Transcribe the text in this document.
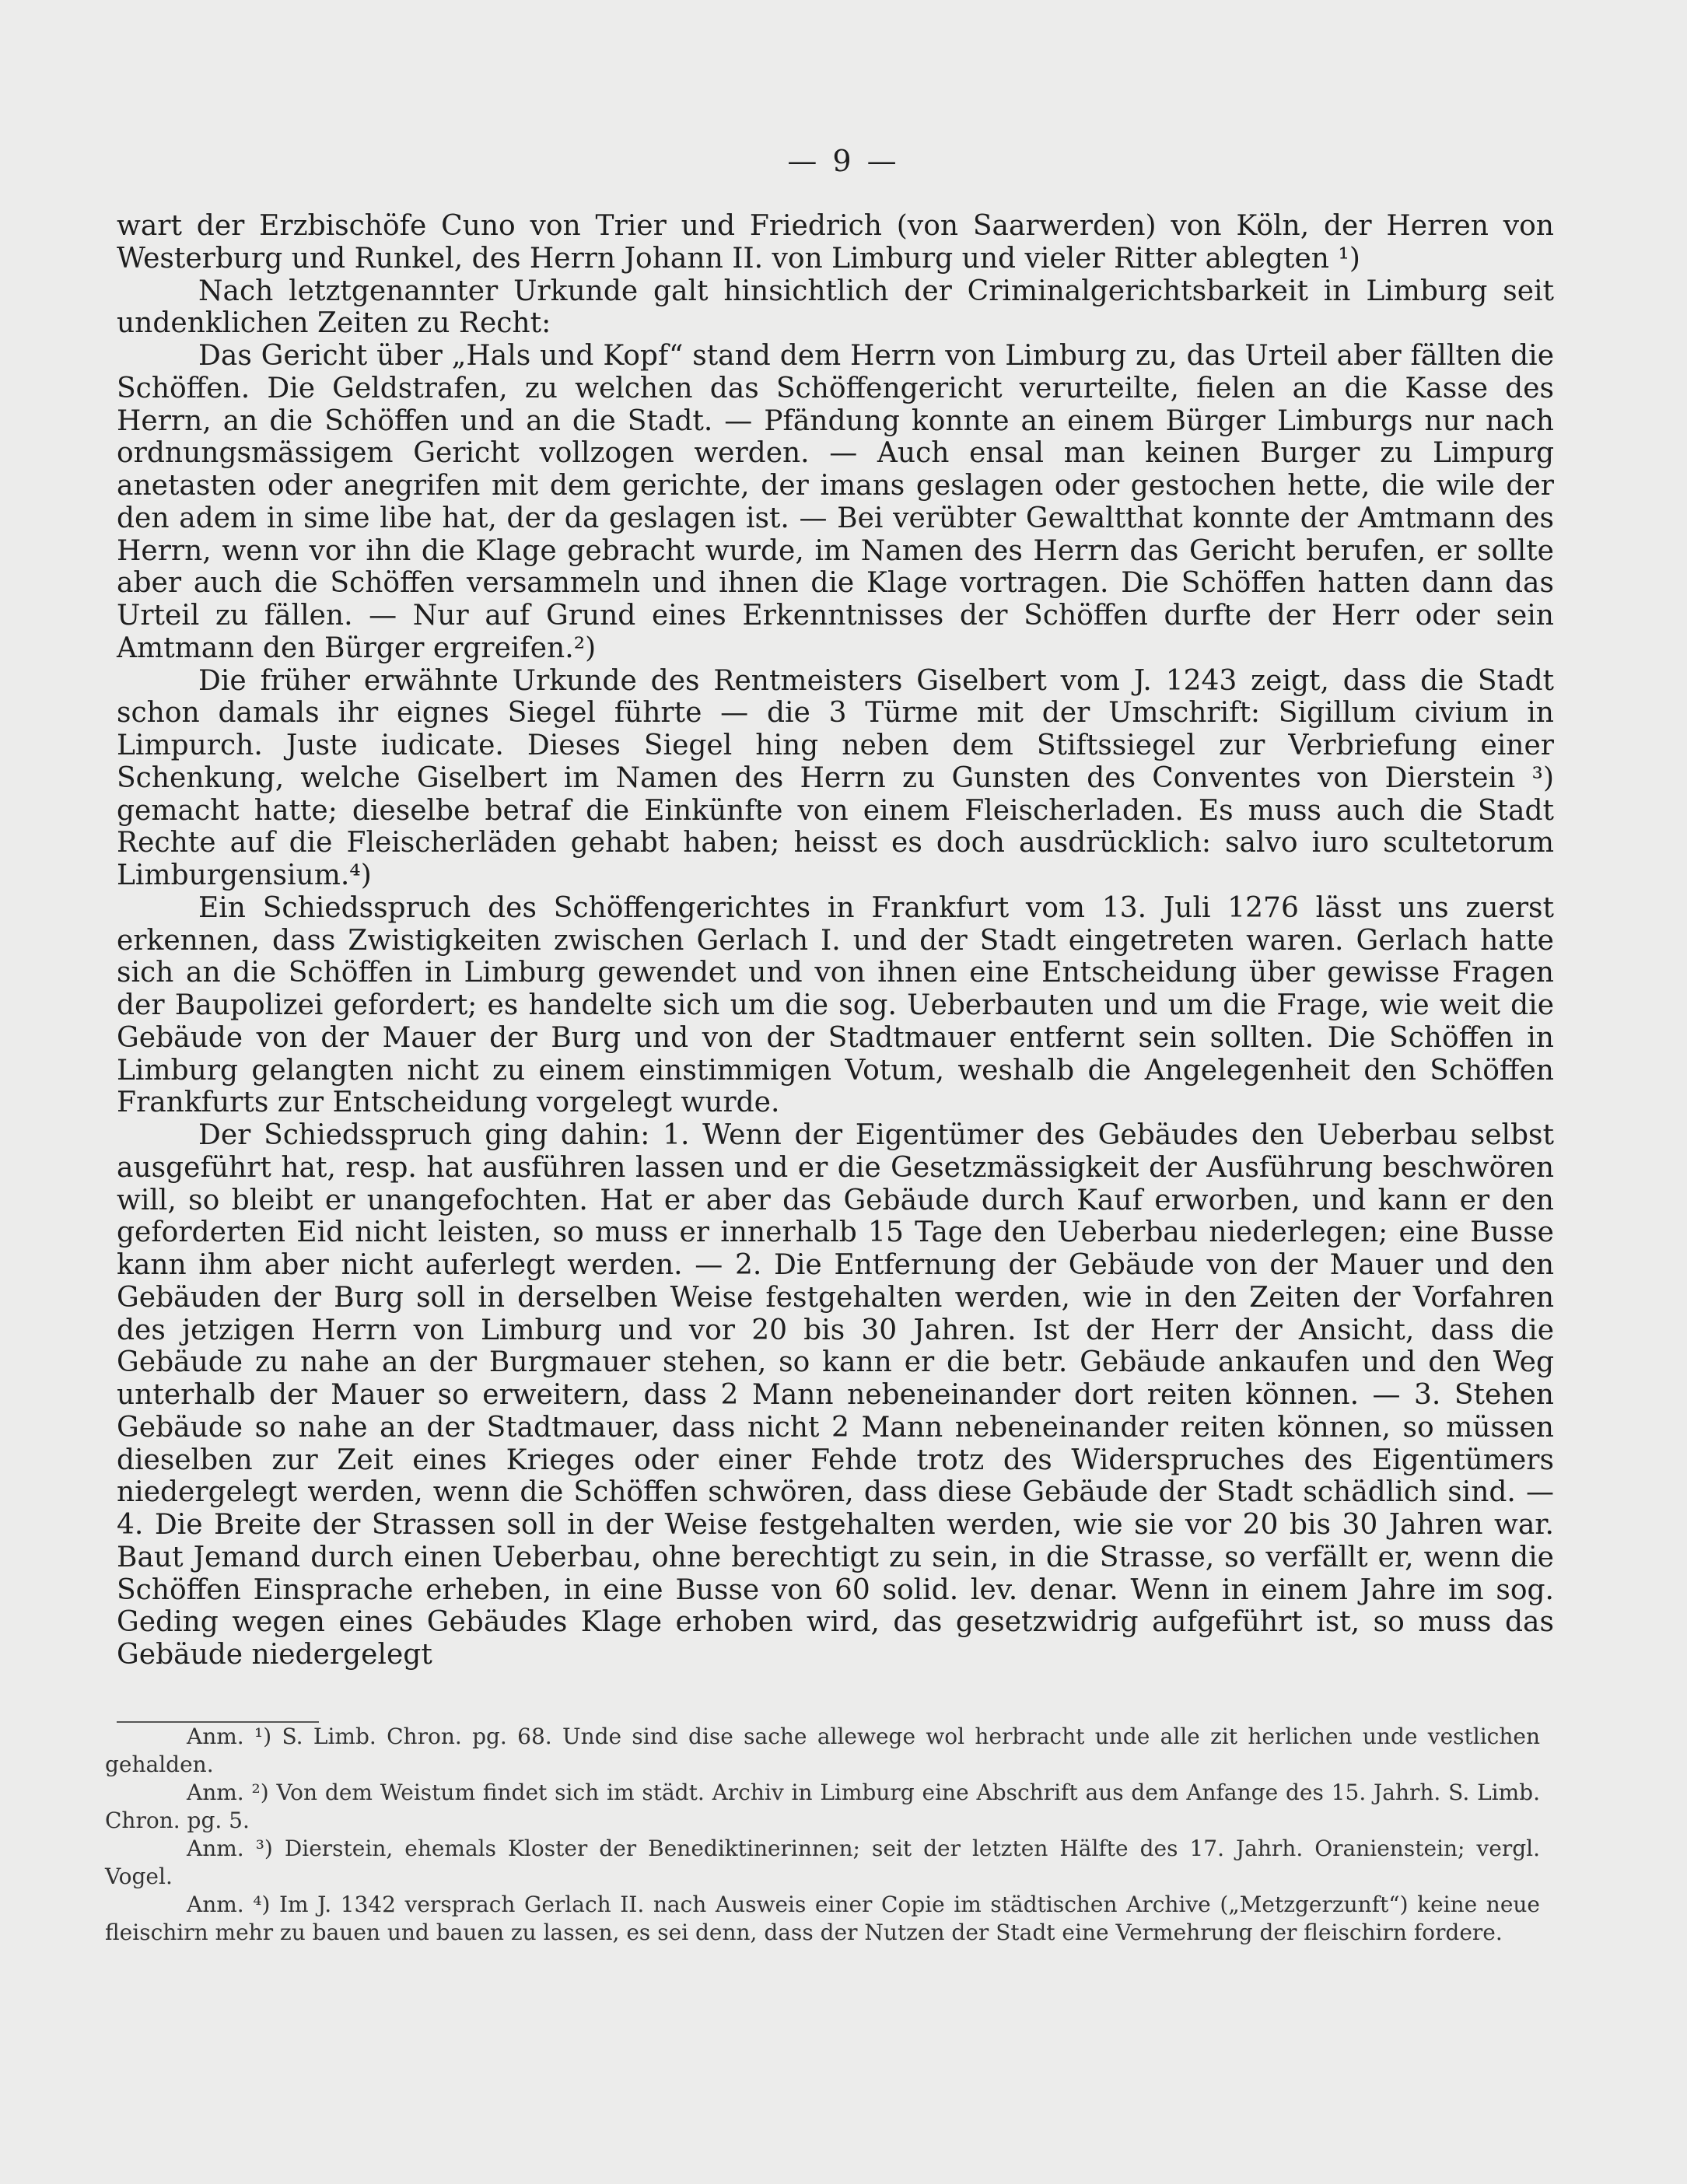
— 9 —

wart der Erzbischöfe Cuno von Trier und Friedrich (von Saarwerden) von Köln, der Herren von Westerburg und Runkel, des Herrn Johann II. von Limburg und vieler Ritter ablegten ¹)

Nach letztgenannter Urkunde galt hinsichtlich der Criminalgerichtsbarkeit in Limburg seit undenklichen Zeiten zu Recht:

Das Gericht über „Hals und Kopf“ stand dem Herrn von Limburg zu, das Urteil aber fällten die Schöffen. Die Geldstrafen, zu welchen das Schöffengericht verurteilte, fielen an die Kasse des Herrn, an die Schöffen und an die Stadt. — Pfändung konnte an einem Bürger Limburgs nur nach ordnungsmässigem Gericht vollzogen werden. — Auch ensal man keinen Burger zu Limpurg anetasten oder anegrifen mit dem gerichte, der imans geslagen oder gestochen hette, die wile der den adem in sime libe hat, der da geslagen ist. — Bei verübter Gewaltthat konnte der Amtmann des Herrn, wenn vor ihn die Klage gebracht wurde, im Namen des Herrn das Gericht berufen, er sollte aber auch die Schöffen versammeln und ihnen die Klage vortragen. Die Schöffen hatten dann das Urteil zu fällen. — Nur auf Grund eines Erkenntnisses der Schöffen durfte der Herr oder sein Amtmann den Bürger ergreifen.²)

Die früher erwähnte Urkunde des Rentmeisters Giselbert vom J. 1243 zeigt, dass die Stadt schon damals ihr eignes Siegel führte — die 3 Türme mit der Umschrift: Sigillum civium in Limpurch. Juste iudicate. Dieses Siegel hing neben dem Stiftssiegel zur Verbriefung einer Schenkung, welche Giselbert im Namen des Herrn zu Gunsten des Conventes von Dierstein ³) gemacht hatte; dieselbe betraf die Einkünfte von einem Fleischerladen. Es muss auch die Stadt Rechte auf die Fleischerläden gehabt haben; heisst es doch ausdrücklich: salvo iuro scultetorum Limburgensium.⁴)

Ein Schiedsspruch des Schöffengerichtes in Frankfurt vom 13. Juli 1276 lässt uns zuerst erkennen, dass Zwistigkeiten zwischen Gerlach I. und der Stadt eingetreten waren. Gerlach hatte sich an die Schöffen in Limburg gewendet und von ihnen eine Entscheidung über gewisse Fragen der Baupolizei gefordert; es handelte sich um die sog. Ueberbauten und um die Frage, wie weit die Gebäude von der Mauer der Burg und von der Stadtmauer entfernt sein sollten. Die Schöffen in Limburg gelangten nicht zu einem einstimmigen Votum, weshalb die Angelegenheit den Schöffen Frankfurts zur Entscheidung vorgelegt wurde.

Der Schiedsspruch ging dahin: 1. Wenn der Eigentümer des Gebäudes den Ueberbau selbst ausgeführt hat, resp. hat ausführen lassen und er die Gesetzmässigkeit der Ausführung beschwören will, so bleibt er unangefochten. Hat er aber das Gebäude durch Kauf erworben, und kann er den geforderten Eid nicht leisten, so muss er innerhalb 15 Tage den Ueberbau niederlegen; eine Busse kann ihm aber nicht auferlegt werden. — 2. Die Entfernung der Gebäude von der Mauer und den Gebäuden der Burg soll in derselben Weise festgehalten werden, wie in den Zeiten der Vorfahren des jetzigen Herrn von Limburg und vor 20 bis 30 Jahren. Ist der Herr der Ansicht, dass die Gebäude zu nahe an der Burgmauer stehen, so kann er die betr. Gebäude ankaufen und den Weg unterhalb der Mauer so erweitern, dass 2 Mann nebeneinander dort reiten können. — 3. Stehen Gebäude so nahe an der Stadtmauer, dass nicht 2 Mann nebeneinander reiten können, so müssen dieselben zur Zeit eines Krieges oder einer Fehde trotz des Widerspruches des Eigentümers niedergelegt werden, wenn die Schöffen schwören, dass diese Gebäude der Stadt schädlich sind. — 4. Die Breite der Strassen soll in der Weise festgehalten werden, wie sie vor 20 bis 30 Jahren war. Baut Jemand durch einen Ueberbau, ohne berechtigt zu sein, in die Strasse, so verfällt er, wenn die Schöffen Einsprache erheben, in eine Busse von 60 solid. lev. denar. Wenn in einem Jahre im sog. Geding wegen eines Gebäudes Klage erhoben wird, das gesetzwidrig aufgeführt ist, so muss das Gebäude niedergelegt

Anm. ¹) S. Limb. Chron. pg. 68. Unde sind dise sache allewege wol herbracht unde alle zit herlichen unde vestlichen gehalden.

Anm. ²) Von dem Weistum findet sich im städt. Archiv in Limburg eine Abschrift aus dem Anfange des 15. Jahrh. S. Limb. Chron. pg. 5.

Anm. ³) Dierstein, ehemals Kloster der Benediktinerinnen; seit der letzten Hälfte des 17. Jahrh. Oranienstein; vergl. Vogel.

Anm. ⁴) Im J. 1342 versprach Gerlach II. nach Ausweis einer Copie im städtischen Archive („Metzgerzunft“) keine neue fleischirn mehr zu bauen und bauen zu lassen, es sei denn, dass der Nutzen der Stadt eine Vermehrung der fleischirn fordere.
